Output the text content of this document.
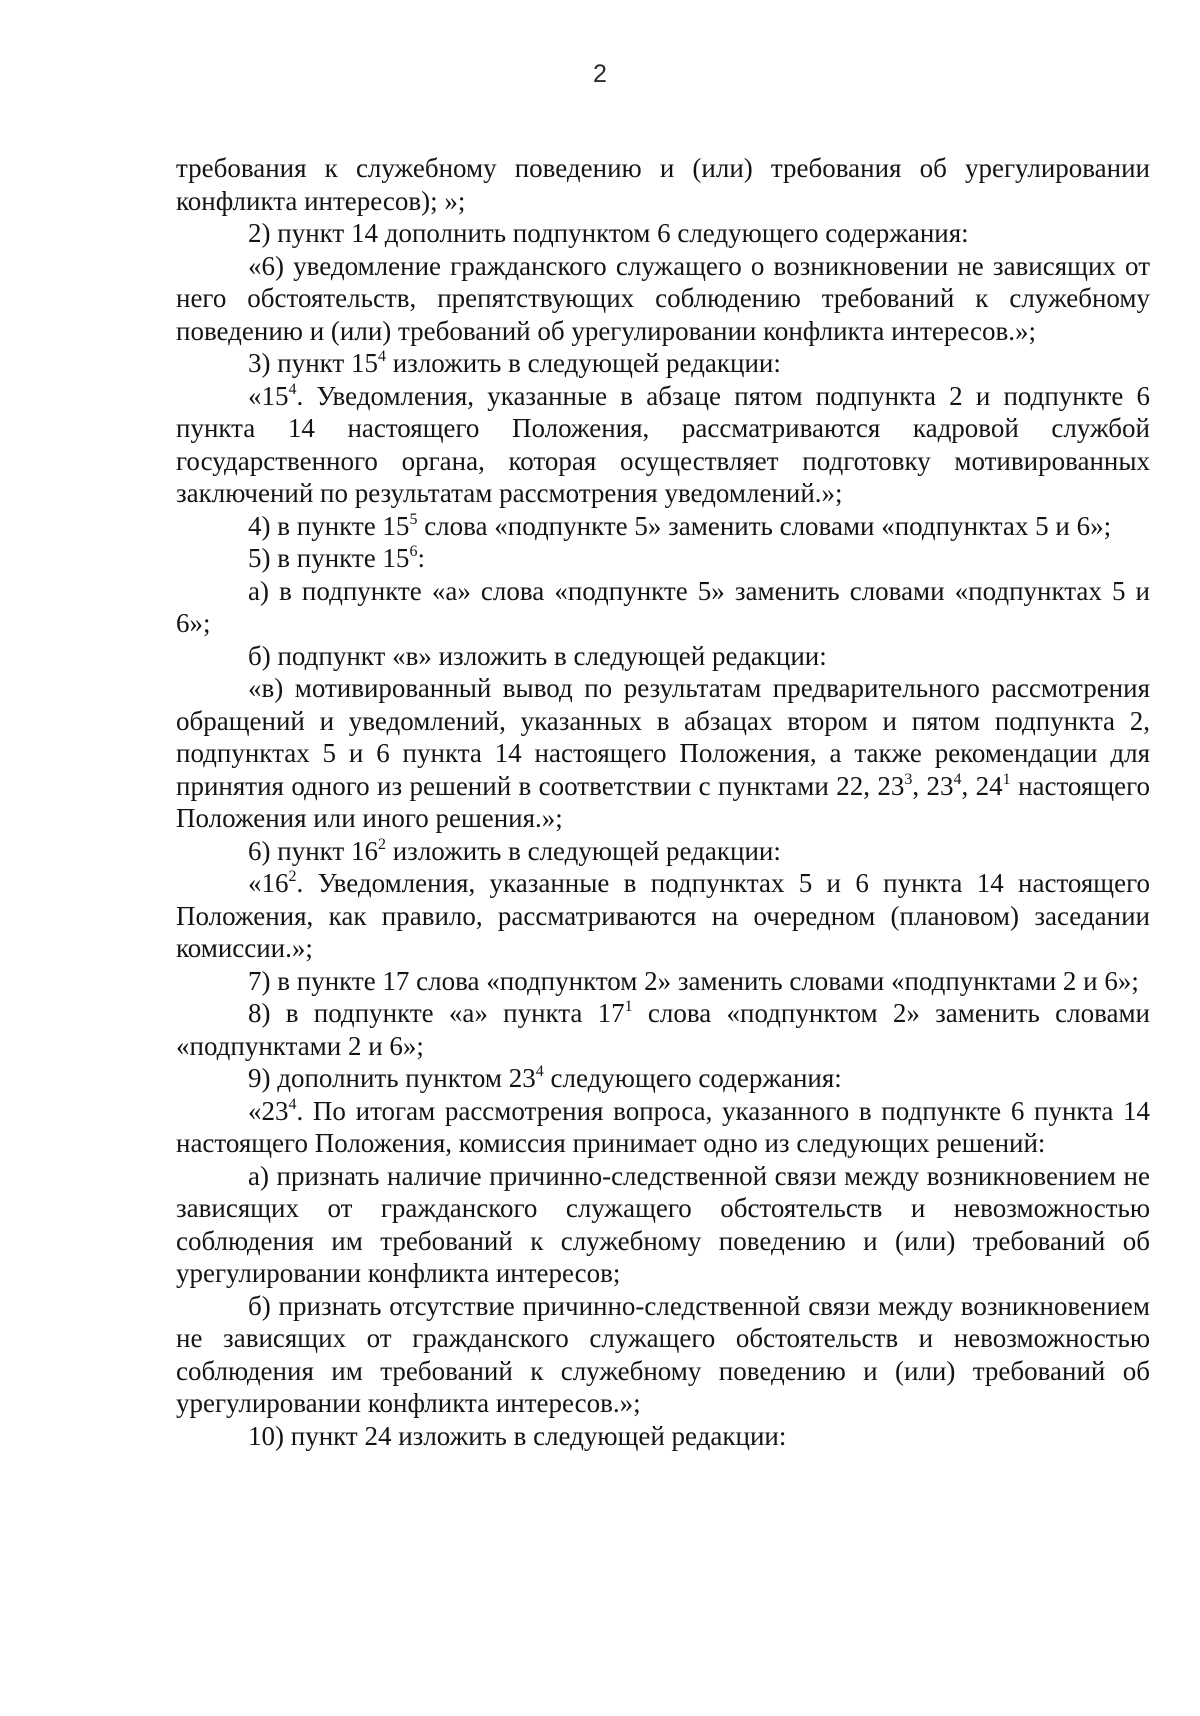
2

требования к служебному поведению и (или) требования об урегулировании конфликта интересов); »;

2) пункт 14 дополнить подпунктом 6 следующего содержания:

«6) уведомление гражданского служащего о возникновении не зависящих от него обстоятельств, препятствующих соблюдению требований к служебному поведению и (или) требований об урегулировании конфликта интересов.»;

3) пункт $15^4$ изложить в следующей редакции:

«$15^4$. Уведомления, указанные в абзаце пятом подпункта 2 и подпункте 6 пункта 14 настоящего Положения, рассматриваются кадровой службой государственного органа, которая осуществляет подготовку мотивированных заключений по результатам рассмотрения уведомлений.»;

4) в пункте $15^5$ слова «подпункте 5» заменить словами «подпунктах 5 и 6»;

5) в пункте $15^6$:

а) в подпункте «а» слова «подпункте 5» заменить словами «подпунктах 5 и 6»;

б) подпункт «в» изложить в следующей редакции:

«в) мотивированный вывод по результатам предварительного рассмотрения обращений и уведомлений, указанных в абзацах втором и пятом подпункта 2, подпунктах 5 и 6 пункта 14 настоящего Положения, а также рекомендации для принятия одного из решений в соответствии с пунктами 22, $23^3$, $23^4$, $24^1$ настоящего Положения или иного решения.»;

6) пункт $16^2$ изложить в следующей редакции:

«$16^2$. Уведомления, указанные в подпунктах 5 и 6 пункта 14 настоящего Положения, как правило, рассматриваются на очередном (плановом) заседании комиссии.»;

7) в пункте 17 слова «подпунктом 2» заменить словами «подпунктами 2 и 6»;

8) в подпункте «а» пункта $17^1$ слова «подпунктом 2» заменить словами «подпунктами 2 и 6»;

9) дополнить пунктом $23^4$ следующего содержания:

«$23^4$. По итогам рассмотрения вопроса, указанного в подпункте 6 пункта 14 настоящего Положения, комиссия принимает одно из следующих решений:

а) признать наличие причинно-следственной связи между возникновением не зависящих от гражданского служащего обстоятельств и невозможностью соблюдения им требований к служебному поведению и (или) требований об урегулировании конфликта интересов;

б) признать отсутствие причинно-следственной связи между возникновением не зависящих от гражданского служащего обстоятельств и невозможностью соблюдения им требований к служебному поведению и (или) требований об урегулировании конфликта интересов.»;

10) пункт 24 изложить в следующей редакции:
